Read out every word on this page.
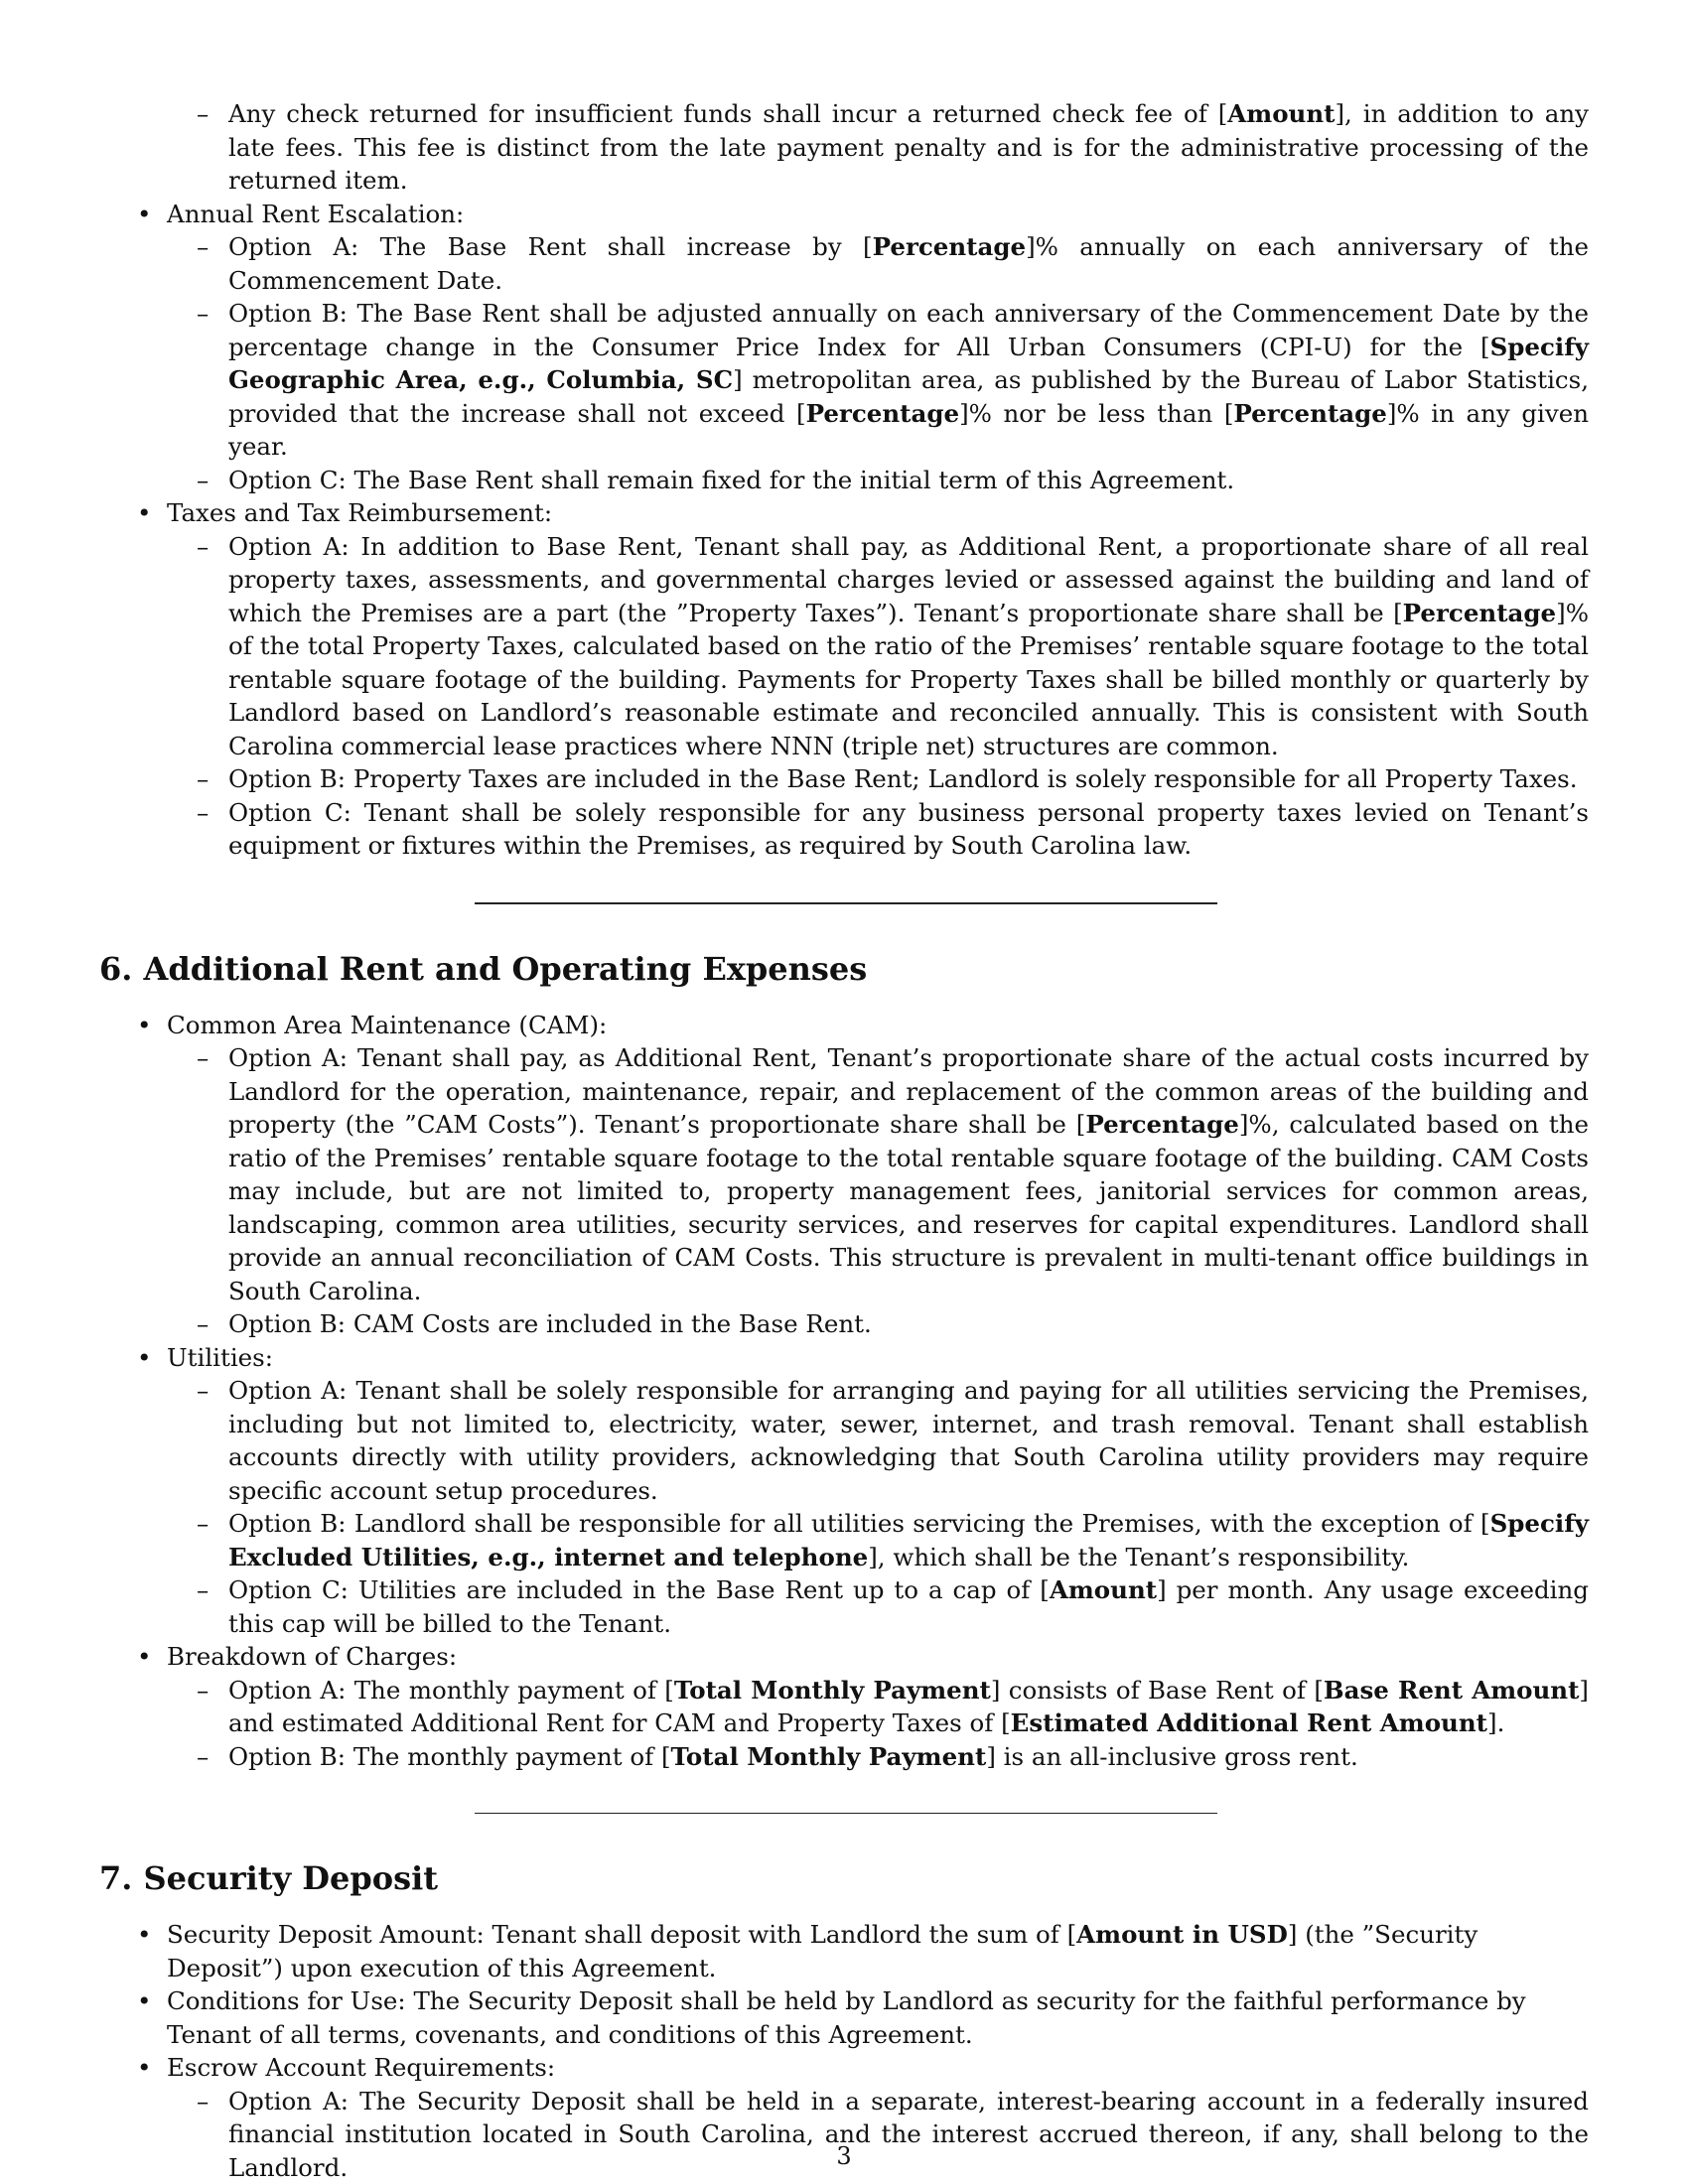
– Any check returned for insufficient funds shall incur a returned check fee of [Amount], in addition to any late fees. This fee is distinct from the late payment penalty and is for the administrative processing of the returned item.
• Annual Rent Escalation:
– Option A: The Base Rent shall increase by [Percentage]% annually on each anniversary of the Commencement Date.
– Option B: The Base Rent shall be adjusted annually on each anniversary of the Commencement Date by the percentage change in the Consumer Price Index for All Urban Consumers (CPI-U) for the [Specify Geographic Area, e.g., Columbia, SC] metropolitan area, as published by the Bureau of Labor Statistics, provided that the increase shall not exceed [Percentage]% nor be less than [Percentage]% in any given year.
– Option C: The Base Rent shall remain fixed for the initial term of this Agreement.
• Taxes and Tax Reimbursement:
– Option A: In addition to Base Rent, Tenant shall pay, as Additional Rent, a proportionate share of all real property taxes, assessments, and governmental charges levied or assessed against the building and land of which the Premises are a part (the ”Property Taxes”). Tenant’s proportionate share shall be [Percentage]% of the total Property Taxes, calculated based on the ratio of the Premises’ rentable square footage to the total rentable square footage of the building. Payments for Property Taxes shall be billed monthly or quarterly by Landlord based on Landlord’s reasonable estimate and reconciled annually. This is consistent with South Carolina commercial lease practices where NNN (triple net) structures are common.
– Option B: Property Taxes are included in the Base Rent; Landlord is solely responsible for all Property Taxes.
– Option C: Tenant shall be solely responsible for any business personal property taxes levied on Tenant’s equipment or fixtures within the Premises, as required by South Carolina law.
6. Additional Rent and Operating Expenses
• Common Area Maintenance (CAM):
– Option A: Tenant shall pay, as Additional Rent, Tenant’s proportionate share of the actual costs incurred by Landlord for the operation, maintenance, repair, and replacement of the common areas of the building and property (the ”CAM Costs”). Tenant’s proportionate share shall be [Percentage]%, calculated based on the ratio of the Premises’ rentable square footage to the total rentable square footage of the building. CAM Costs may include, but are not limited to, property management fees, janitorial services for common areas, landscaping, common area utilities, security services, and reserves for capital expenditures. Landlord shall provide an annual reconciliation of CAM Costs. This structure is prevalent in multi-tenant office buildings in South Carolina.
– Option B: CAM Costs are included in the Base Rent.
• Utilities:
– Option A: Tenant shall be solely responsible for arranging and paying for all utilities servicing the Premises, including but not limited to, electricity, water, sewer, internet, and trash removal. Tenant shall establish accounts directly with utility providers, acknowledging that South Carolina utility providers may require specific account setup procedures.
– Option B: Landlord shall be responsible for all utilities servicing the Premises, with the exception of [Specify Excluded Utilities, e.g., internet and telephone], which shall be the Tenant’s responsibility.
– Option C: Utilities are included in the Base Rent up to a cap of [Amount] per month. Any usage exceeding this cap will be billed to the Tenant.
• Breakdown of Charges:
– Option A: The monthly payment of [Total Monthly Payment] consists of Base Rent of [Base Rent Amount] and estimated Additional Rent for CAM and Property Taxes of [Estimated Additional Rent Amount].
– Option B: The monthly payment of [Total Monthly Payment] is an all-inclusive gross rent.
7. Security Deposit
• Security Deposit Amount: Tenant shall deposit with Landlord the sum of [Amount in USD] (the ”Security Deposit”) upon execution of this Agreement.
• Conditions for Use: The Security Deposit shall be held by Landlord as security for the faithful performance by Tenant of all terms, covenants, and conditions of this Agreement.
• Escrow Account Requirements:
– Option A: The Security Deposit shall be held in a separate, interest-bearing account in a federally insured financial institution located in South Carolina, and the interest accrued thereon, if any, shall belong to the Landlord.	3
